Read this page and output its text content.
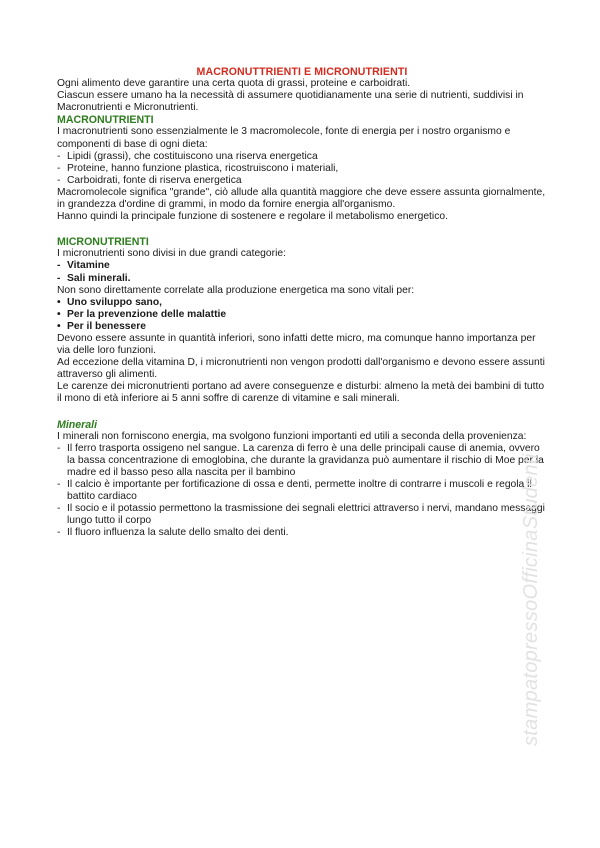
MACRONUTTRIENTI E MICRONUTRIENTI

Ogni alimento deve garantire una certa quota di grassi, proteine e carboidrati.

Ciascun essere umano ha la necessità di assumere quotidianamente una serie di nutrienti, suddivisi in Macronutrienti e Micronutrienti.

MACRONUTRIENTI

I macronutrienti sono essenzialmente le 3 macromolecole, fonte di energia per i nostro organismo e componenti di base di ogni dieta:

- Lipidi (grassi), che costituiscono una riserva energetica
- Proteine, hanno funzione plastica, ricostruiscono i materiali,
- Carboidrati, fonte di riserva energetica

Macromolecole significa "grande", ciò allude alla quantità maggiore che deve essere assunta giornalmente, in grandezza d'ordine di grammi, in modo da fornire energia all'organismo.

Hanno quindi la principale funzione di sostenere e regolare il metabolismo energetico.

MICRONUTRIENTI

I micronutrienti sono divisi in due grandi categorie:

- Vitamine
- Sali minerali.

Non sono direttamente correlate alla produzione energetica ma sono vitali per:

• Uno sviluppo sano,
• Per la prevenzione delle malattie
• Per il benessere

Devono essere assunte in quantità inferiori, sono infatti dette micro, ma comunque hanno importanza per via delle loro funzioni.

Ad eccezione della vitamina D, i micronutrienti non vengon prodotti dall'organismo e devono essere assunti attraverso gli alimenti.

Le carenze dei micronutrienti portano ad avere conseguenze e disturbi: almeno la metà dei bambini di tutto il mono di età inferiore ai 5 anni soffre di carenze di vitamine e sali minerali.

Minerali

I minerali non forniscono energia, ma svolgono funzioni importanti ed utili a seconda della provenienza:

- Il ferro trasporta ossigeno nel sangue. La carenza di ferro è una delle principali cause di anemia, ovvero la bassa concentrazione di emoglobina, che durante la gravidanza può aumentare il rischio di Moe per la madre ed il basso peso alla nascita per il bambino
- Il calcio è importante per fortificazione di ossa e denti, permette inoltre di contrarre i muscoli e regola il battito cardiaco
- Il socio e il potassio permettono la trasmissione dei segnali elettrici attraverso i nervi, mandano messaggi lungo tutto il corpo
- Il fluoro influenza la salute dello smalto dei denti.	stampatopressoOfficinaStudenti
